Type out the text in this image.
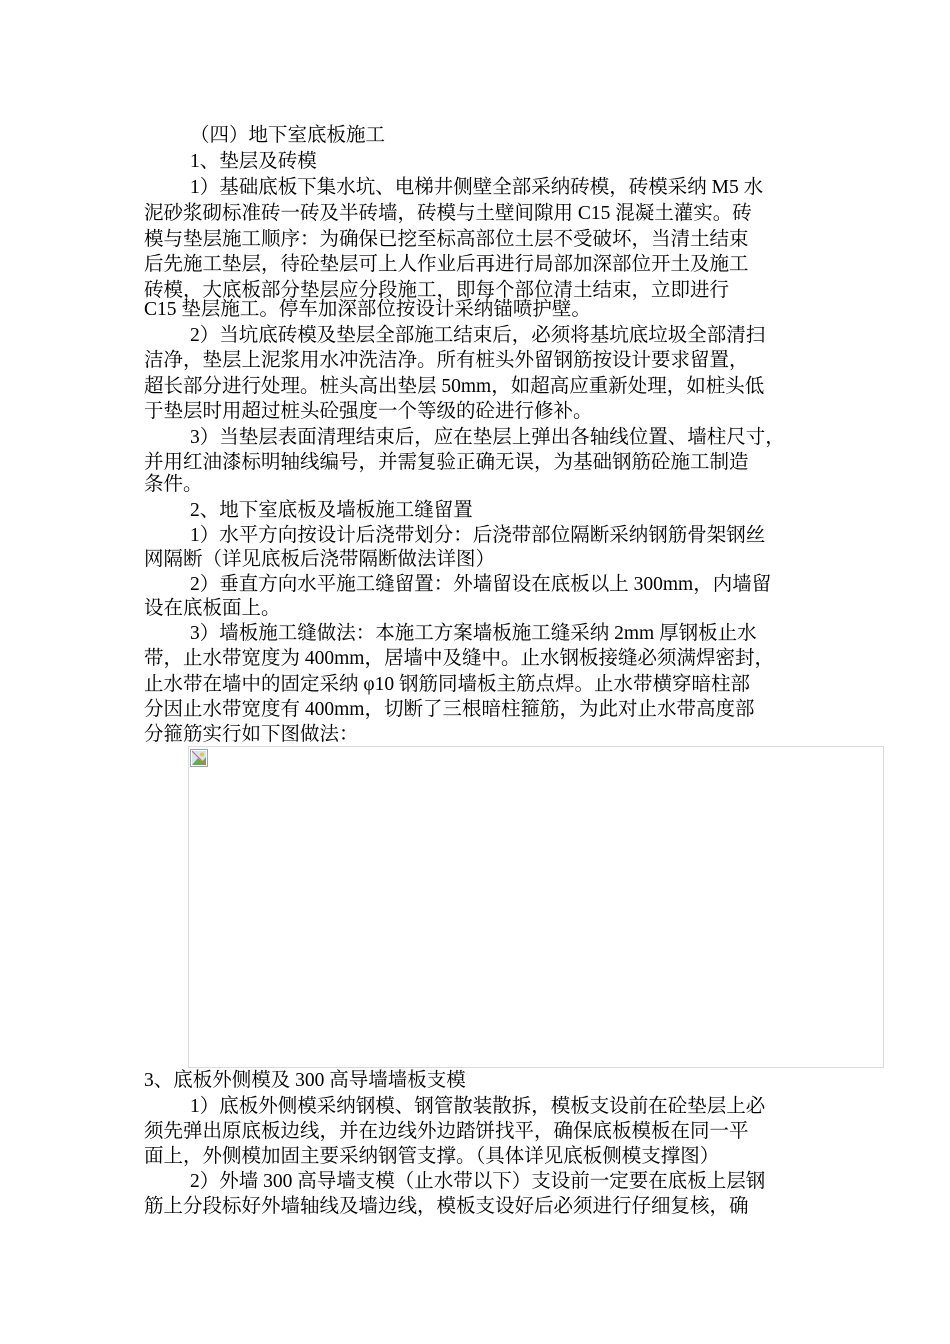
（四）地下室底板施工
1、垫层及砖模
1）基础底板下集水坑、电梯井侧壁全部采纳砖模，砖模采纳 M5 水
泥砂浆砌标准砖一砖及半砖墙，砖模与土壁间隙用 C15 混凝土灌实。砖
模与垫层施工顺序：为确保已挖至标高部位土层不受破坏，当清土结束
后先施工垫层，待砼垫层可上人作业后再进行局部加深部位开土及施工
砖模，大底板部分垫层应分段施工，即每个部位清土结束，立即进行
C15 垫层施工。停车加深部位按设计采纳锚喷护壁。
2）当坑底砖模及垫层全部施工结束后，必须将基坑底垃圾全部清扫
洁净，垫层上泥浆用水冲洗洁净。所有桩头外留钢筋按设计要求留置，
超长部分进行处理。桩头高出垫层 50mm，如超高应重新处理，如桩头低
于垫层时用超过桩头砼强度一个等级的砼进行修补。
3）当垫层表面清理结束后，应在垫层上弹出各轴线位置、墙柱尺寸，
并用红油漆标明轴线编号，并需复验正确无误，为基础钢筋砼施工制造
条件。
2、地下室底板及墙板施工缝留置
1）水平方向按设计后浇带划分：后浇带部位隔断采纳钢筋骨架钢丝
网隔断（详见底板后浇带隔断做法详图）
2）垂直方向水平施工缝留置：外墙留设在底板以上 300mm，内墙留
设在底板面上。
3）墙板施工缝做法：本施工方案墙板施工缝采纳 2mm 厚钢板止水
带，止水带宽度为 400mm，居墙中及缝中。止水钢板接缝必须满焊密封，
止水带在墙中的固定采纳 φ10 钢筋同墙板主筋点焊。止水带横穿暗柱部
分因止水带宽度有 400mm，切断了三根暗柱箍筋，为此对止水带高度部
分箍筋实行如下图做法：
3、底板外侧模及 300 高导墙墙板支模
1）底板外侧模采纳钢模、钢管散装散拆，模板支设前在砼垫层上必
须先弹出原底板边线，并在边线外边踏饼找平，确保底板模板在同一平
面上，外侧模加固主要采纳钢管支撑。（具体详见底板侧模支撑图）
2）外墙 300 高导墙支模（止水带以下）支设前一定要在底板上层钢
筋上分段标好外墙轴线及墙边线，模板支设好后必须进行仔细复核，确
